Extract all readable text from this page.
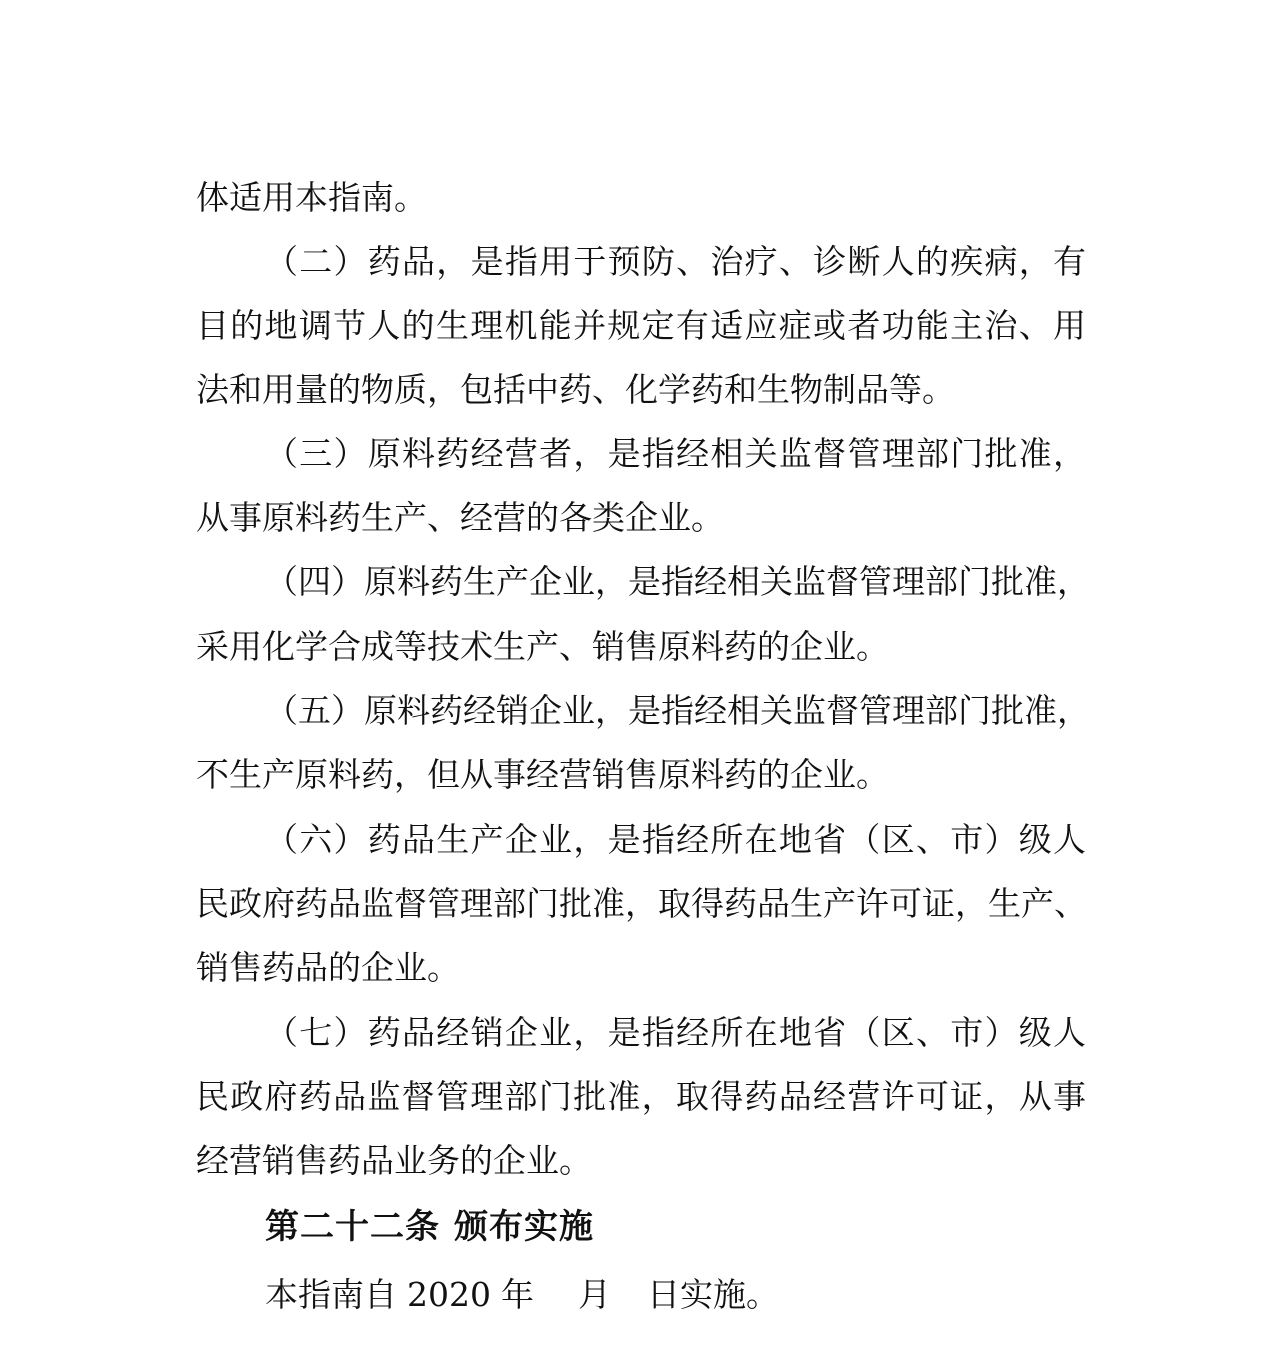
体适用本指南。
（二）药品，是指用于预防、治疗、诊断人的疾病，有
目的地调节人的生理机能并规定有适应症或者功能主治、用
法和用量的物质，包括中药、化学药和生物制品等。
（三）原料药经营者，是指经相关监督管理部门批准，
从事原料药生产、经营的各类企业。
（四）原料药生产企业，是指经相关监督管理部门批准，
采用化学合成等技术生产、销售原料药的企业。
（五）原料药经销企业，是指经相关监督管理部门批准，
不生产原料药，但从事经营销售原料药的企业。
（六）药品生产企业，是指经所在地省（区、市）级人
民政府药品监督管理部门批准，取得药品生产许可证，生产、
销售药品的企业。
（七）药品经销企业，是指经所在地省（区、市）级人
民政府药品监督管理部门批准，取得药品经营许可证，从事
经营销售药品业务的企业。
第二十二条 颁布实施
本指南自 2020 年 月 日实施。
